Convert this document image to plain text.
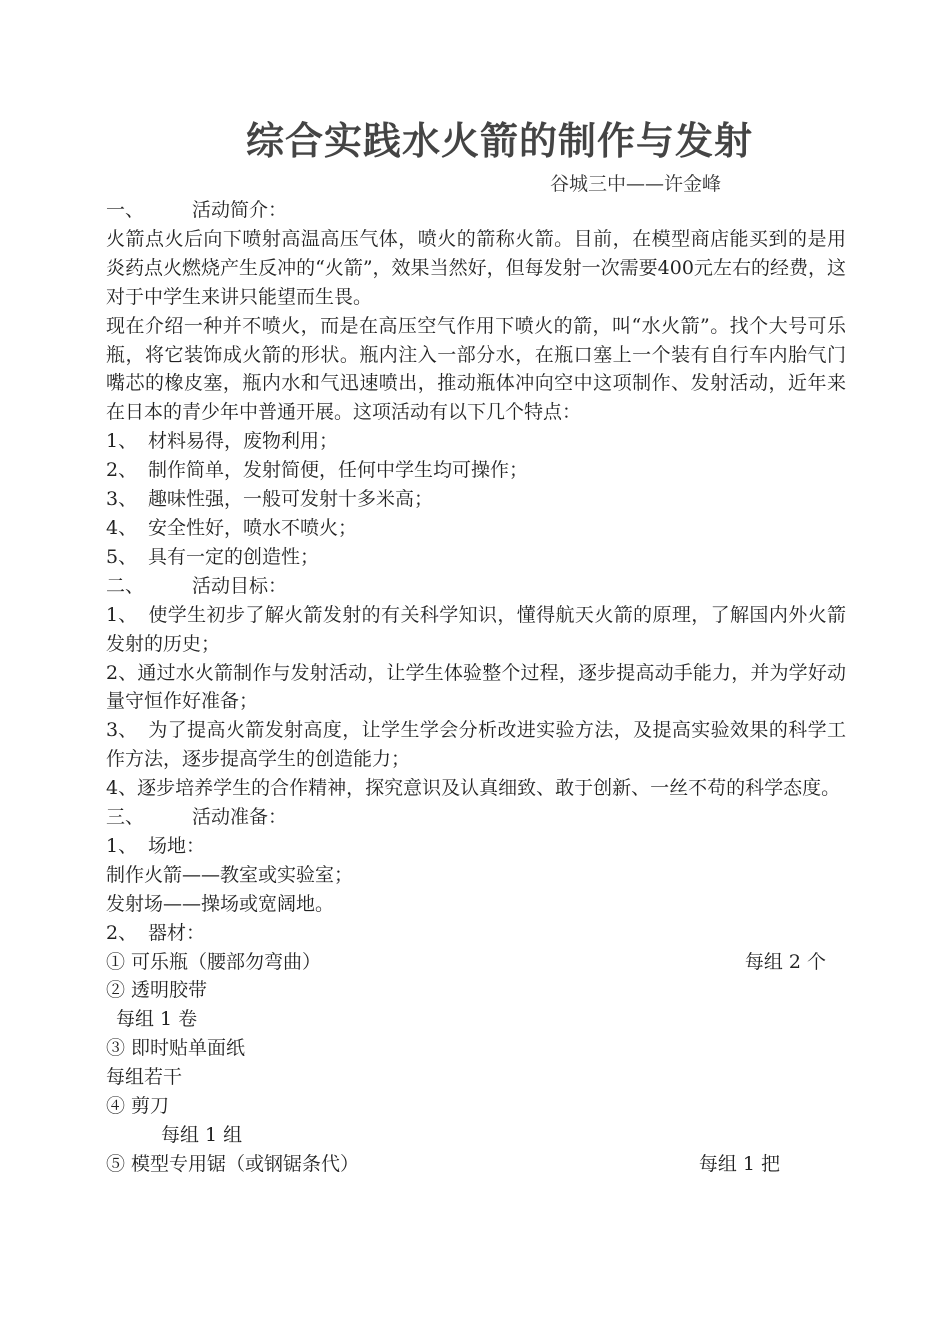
综合实践水火箭的制作与发射
谷城三中——许金峰
一、	活动简介：
火箭点火后向下喷射高温高压气体，喷火的箭称火箭。目前，在模型商店能买到的是用炎药点火燃烧产生反冲的“火箭”，效果当然好，但每发射一次需要400元左右的经费，这对于中学生来讲只能望而生畏。
现在介绍一种并不喷火，而是在高压空气作用下喷火的箭，叫“水火箭”。找个大号可乐瓶，将它装饰成火箭的形状。瓶内注入一部分水，在瓶口塞上一个装有自行车内胎气门嘴芯的橡皮塞，瓶内水和气迅速喷出，推动瓶体冲向空中这项制作、发射活动，近年来在日本的青少年中普通开展。这项活动有以下几个特点：
1、 材料易得，废物利用；
2、 制作简单，发射简便，任何中学生均可操作；
3、 趣味性强，一般可发射十多米高；
4、 安全性好，喷水不喷火；
5、 具有一定的创造性；
二、	活动目标：
1、 使学生初步了解火箭发射的有关科学知识，懂得航天火箭的原理，了解国内外火箭发射的历史；
2、通过水火箭制作与发射活动，让学生体验整个过程，逐步提高动手能力，并为学好动量守恒作好准备；
3、 为了提高火箭发射高度，让学生学会分析改进实验方法，及提高实验效果的科学工作方法，逐步提高学生的创造能力；
4、逐步培养学生的合作精神，探究意识及认真细致、敢于创新、一丝不苟的科学态度。
三、	活动准备：
1、 场地：
制作火箭——教室或实验室；
发射场——操场或宽阔地。
2、 器材：
① 可乐瓶（腰部勿弯曲）	每组 2 个
② 透明胶带
每组 1 卷
③ 即时贴单面纸
每组若干
④ 剪刀
每组 1 组
⑤ 模型专用锯（或钢锯条代）	每组 1 把
